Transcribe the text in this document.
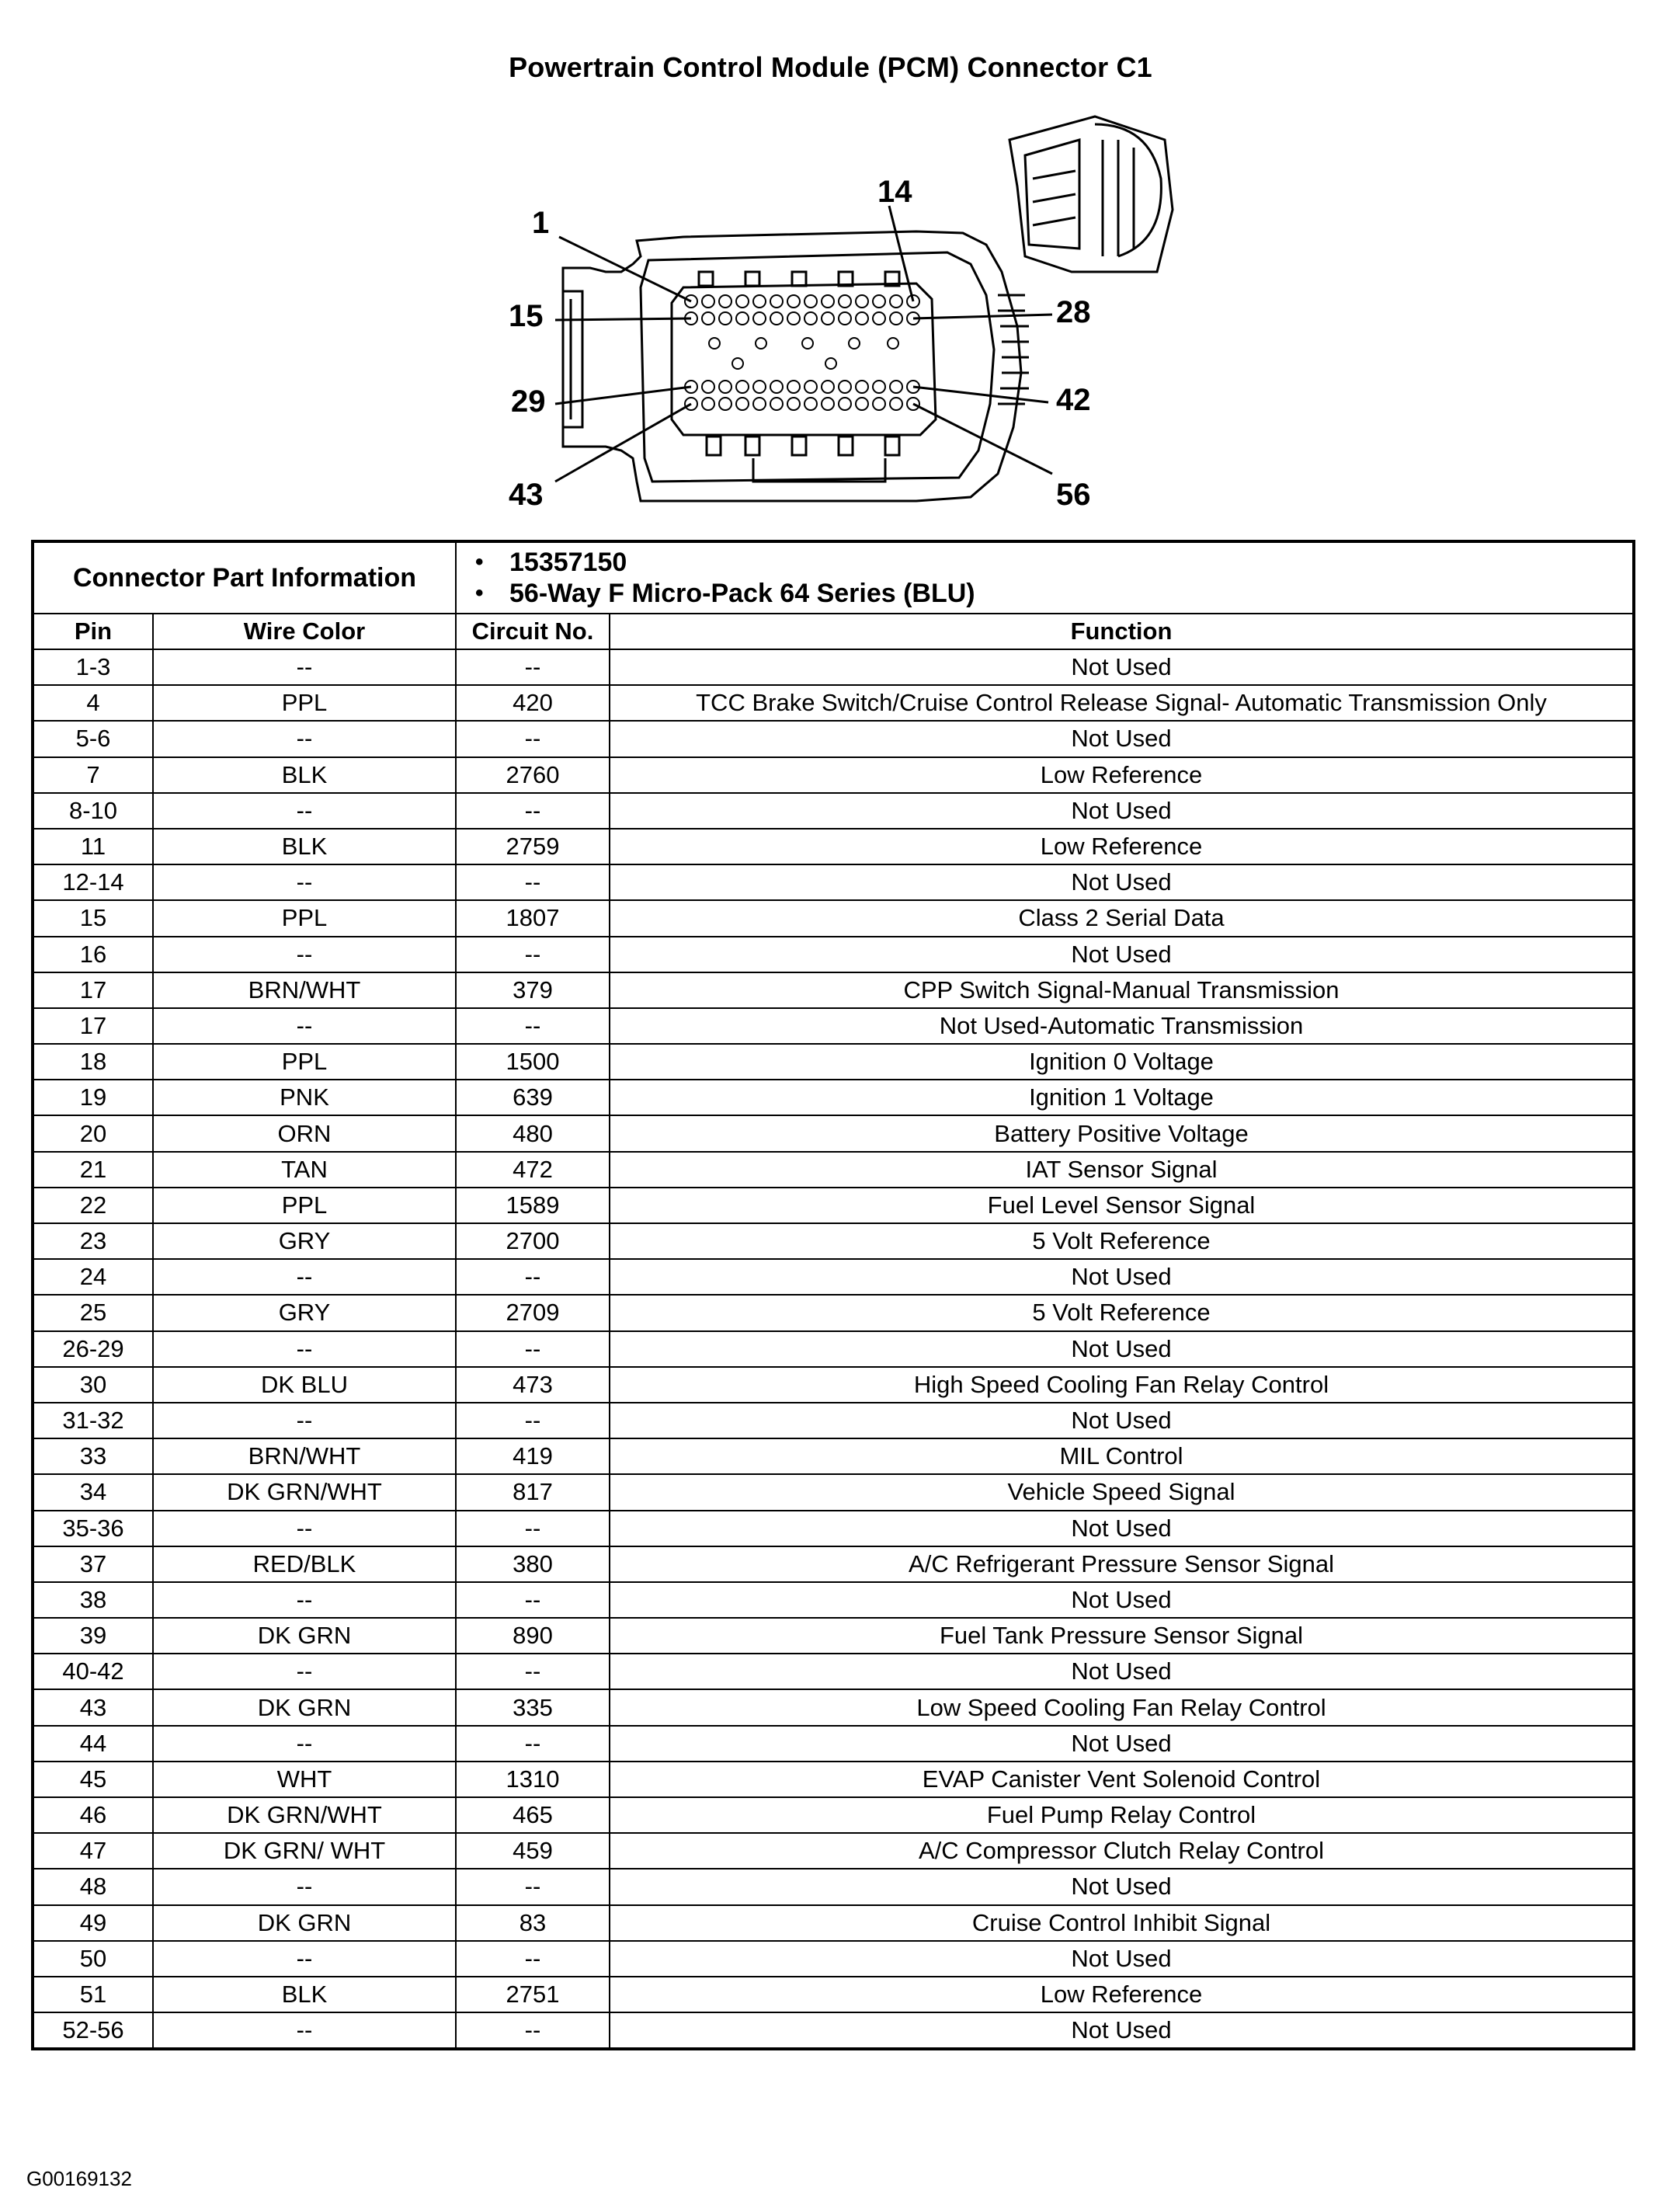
Powertrain Control Module (PCM) Connector C1
1
14
15	28
29	42
43	56
Connector Part Information		• 15357150
• 56-Way F Micro-Pack 64 Series (BLU)

Pin	Wire Color	Circuit No.	Function
1-3	--	--	Not Used
4	PPL	420	TCC Brake Switch/Cruise Control Release Signal- Automatic Transmission Only
5-6	--	--	Not Used
7	BLK	2760	Low Reference
8-10	--	--	Not Used
11	BLK	2759	Low Reference
12-14	--	--	Not Used
15	PPL	1807	Class 2 Serial Data
16	--	--	Not Used
17	BRN/WHT	379	CPP Switch Signal-Manual Transmission
17	--	--	Not Used-Automatic Transmission
18	PPL	1500	Ignition 0 Voltage
19	PNK	639	Ignition 1 Voltage
20	ORN	480	Battery Positive Voltage
21	TAN	472	IAT Sensor Signal
22	PPL	1589	Fuel Level Sensor Signal
23	GRY	2700	5 Volt Reference
24	--	--	Not Used
25	GRY	2709	5 Volt Reference
26-29	--	--	Not Used
30	DK BLU	473	High Speed Cooling Fan Relay Control
31-32	--	--	Not Used
33	BRN/WHT	419	MIL Control
34	DK GRN/WHT	817	Vehicle Speed Signal
35-36	--	--	Not Used
37	RED/BLK	380	A/C Refrigerant Pressure Sensor Signal
38	--	--	Not Used
39	DK GRN	890	Fuel Tank Pressure Sensor Signal
40-42	--	--	Not Used
43	DK GRN	335	Low Speed Cooling Fan Relay Control
44	--	--	Not Used
45	WHT	1310	EVAP Canister Vent Solenoid Control
46	DK GRN/WHT	465	Fuel Pump Relay Control
47	DK GRN/ WHT	459	A/C Compressor Clutch Relay Control
48	--	--	Not Used
49	DK GRN	83	Cruise Control Inhibit Signal
50	--	--	Not Used
51	BLK	2751	Low Reference
52-56	--	--	Not Used
G00169132
